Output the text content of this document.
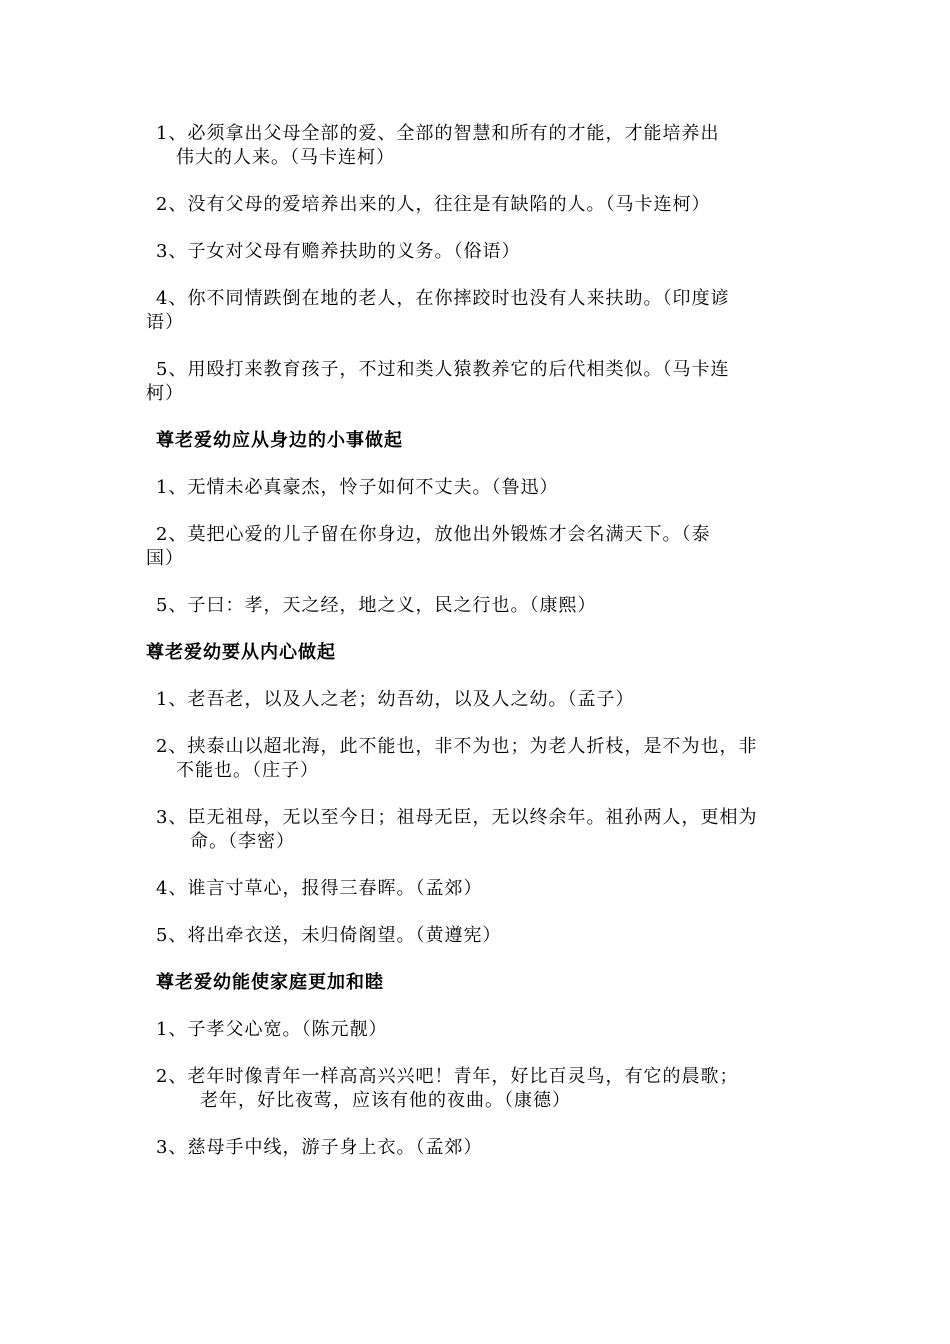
1、必须拿出父母全部的爱、全部的智慧和所有的才能，才能培养出
伟大的人来。（马卡连柯）
2、没有父母的爱培养出来的人，往往是有缺陷的人。（马卡连柯）
3、子女对父母有赡养扶助的义务。（俗语）
4、你不同情跌倒在地的老人，在你摔跤时也没有人来扶助。（印度谚
语）
5、用殴打来教育孩子，不过和类人猿教养它的后代相类似。（马卡连
柯）
尊老爱幼应从身边的小事做起
1、无情未必真豪杰，怜子如何不丈夫。（鲁迅）
2、莫把心爱的儿子留在你身边，放他出外锻炼才会名满天下。（泰
国）
5、子曰：孝，天之经，地之义，民之行也。（康熙）
尊老爱幼要从内心做起
1、老吾老，以及人之老；幼吾幼，以及人之幼。（孟子）
2、挟泰山以超北海，此不能也，非不为也；为老人折枝，是不为也，非
不能也。（庄子）
3、臣无祖母，无以至今日；祖母无臣，无以终余年。祖孙两人，更相为
命。（李密）
4、谁言寸草心，报得三春晖。（孟郊）
5、将出牵衣送，未归倚阁望。（黄遵宪）
尊老爱幼能使家庭更加和睦
1、子孝父心宽。（陈元靓）
2、老年时像青年一样高高兴兴吧！青年，好比百灵鸟，有它的晨歌；
老年，好比夜莺，应该有他的夜曲。（康德）
3、慈母手中线，游子身上衣。（孟郊）
